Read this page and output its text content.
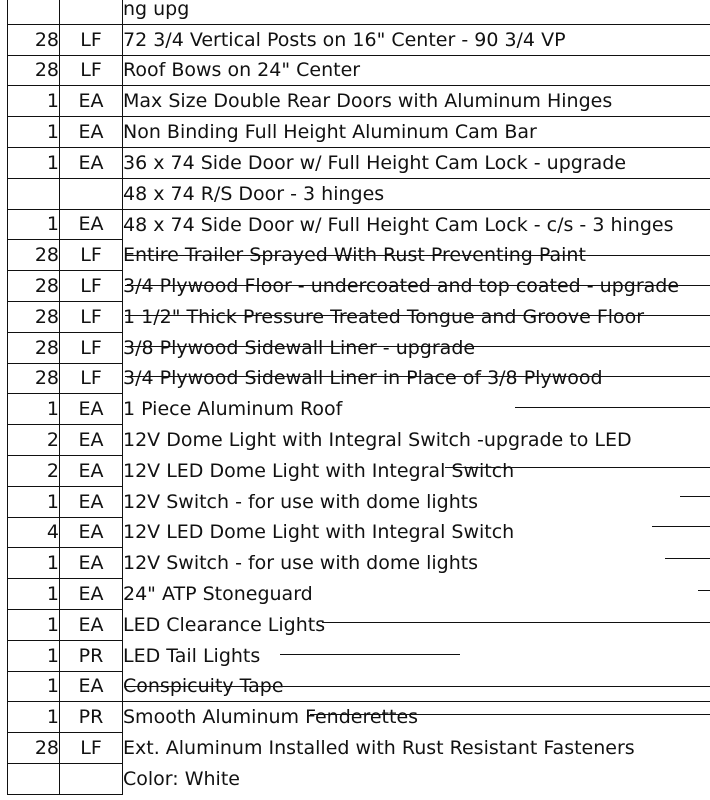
		ng upg
28	LF	72 3/4 Vertical Posts on 16" Center - 90 3/4 VP
28	LF	Roof Bows on 24" Center
1	EA	Max Size Double Rear Doors with Aluminum Hinges
1	EA	Non Binding Full Height Aluminum Cam Bar
1	EA	36 x 74 Side Door w/ Full Height Cam Lock - upgrade
		48 x 74 R/S Door - 3 hinges
1	EA	48 x 74 Side Door w/ Full Height Cam Lock - c/s - 3 hinges
28	LF	Entire Trailer Sprayed With Rust Preventing Paint
28	LF	3/4 Plywood Floor - undercoated and top coated - upgrade
28	LF	1 1/2" Thick Pressure Treated Tongue and Groove Floor
28	LF	3/8 Plywood Sidewall Liner - upgrade
28	LF	3/4 Plywood Sidewall Liner in Place of 3/8 Plywood
1	EA	1 Piece Aluminum Roof
2	EA	12V Dome Light with Integral Switch -upgrade to LED
2	EA	12V LED Dome Light with Integral Switch
1	EA	12V Switch - for use with dome lights
4	EA	12V LED Dome Light with Integral Switch
1	EA	12V Switch - for use with dome lights
1	EA	24" ATP Stoneguard
1	EA	LED Clearance Lights
1	PR	LED Tail Lights
1	EA	Conspicuity Tape
1	PR	Smooth Aluminum Fenderettes
28	LF	Ext. Aluminum Installed with Rust Resistant Fasteners
		Color: White
